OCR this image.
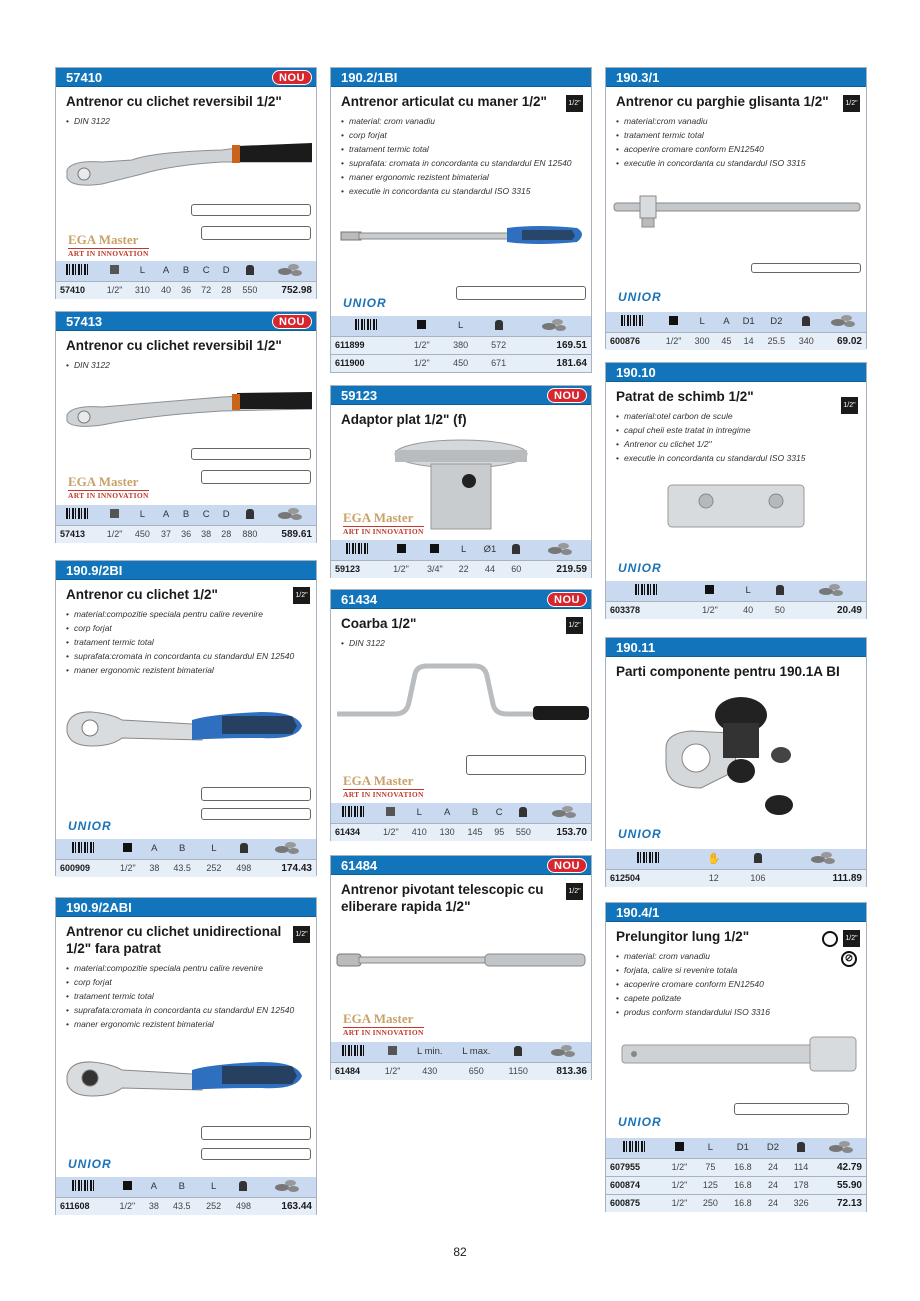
57410	NOU
Antrenor cu clichet reversibil 1/2"
• DIN 3122
EGA Master
ART IN INNOVATION
		L	A	B	C	D		
57410	1/2"	310	40	36	72	28	550	752.98
57413	NOU
Antrenor cu clichet reversibil 1/2"
• DIN 3122
EGA Master
ART IN INNOVATION
		L	A	B	C	D		
57413	1/2"	450	37	36	38	28	880	589.61
190.9/2BI
1/2"
Antrenor cu clichet 1/2"
• material:compozitie speciala pentru calire revenire
• corp forjat
• tratament termic total
• suprafata:cromata in concordanta cu standardul EN 12540
• maner ergonomic rezistent bimaterial
UNIOR
		A	B	L		
600909	1/2"	38	43.5	252	498	174.43
190.9/2ABI
1/2"
Antrenor cu clichet unidirectional 1/2" fara patrat
• material:compozitie speciala pentru calire revenire
• corp forjat
• tratament termic total
• suprafata:cromata in concordanta cu standardul EN 12540
• maner ergonomic rezistent bimaterial
UNIOR
		A	B	L		
611608	1/2"	38	43.5	252	498	163.44
190.2/1BI
1/2"
Antrenor articulat cu maner 1/2"
• material: crom vanadiu
• corp forjat
• tratament termic total
• suprafata: cromata in concordanta cu standardul EN 12540
• maner ergonomic rezistent bimaterial
• executie in concordanta cu standardul ISO 3315
UNIOR
		L		
611899	1/2"	380	572	169.51
611900	1/2"	450	671	181.64
59123	NOU
Adaptor plat 1/2" (f)
EGA Master
ART IN INNOVATION
			L	Ø1		
59123	1/2"	3/4"	22	44	60	219.59
61434	NOU
1/2"
Coarba 1/2"
• DIN 3122
EGA Master
ART IN INNOVATION
		L	A	B	C		
61434	1/2"	410	130	145	95	550	153.70
61484	NOU
1/2"
Antrenor pivotant telescopic cu eliberare rapida 1/2"
EGA Master
ART IN INNOVATION
		L min.	L max.		
61484	1/2"	430	650	1150	813.36
190.3/1
1/2"
Antrenor cu parghie glisanta 1/2"
• material:crom vanadiu
• tratament termic total
• acoperire cromare conform EN12540
• executie in concordanta cu standardul ISO 3315
UNIOR
		L	A	D1	D2		
600876	1/2"	300	45	14	25.5	340	69.02
190.10
1/2"
Patrat de schimb 1/2"
• material:otel carbon de scule
• capul cheii este tratat in intregime
• Antrenor cu clichet 1/2"
• executie in concordanta cu standardul ISO 3315
UNIOR
		L		
603378	1/2"	40	50	20.49
190.11
Parti componente pentru 190.1A BI
UNIOR
	✋		
612504	12	106	111.89
190.4/1
1/2"
⊘
Prelungitor lung 1/2"
• material: crom vanadiu
• forjata, calire si revenire totala
• acoperire cromare conform EN12540
• capete polizate
• produs conform standardului ISO 3316
UNIOR
		L	D1	D2		
607955	1/2"	75	16.8	24	114	42.79
600874	1/2"	125	16.8	24	178	55.90
600875	1/2"	250	16.8	24	326	72.13
82
